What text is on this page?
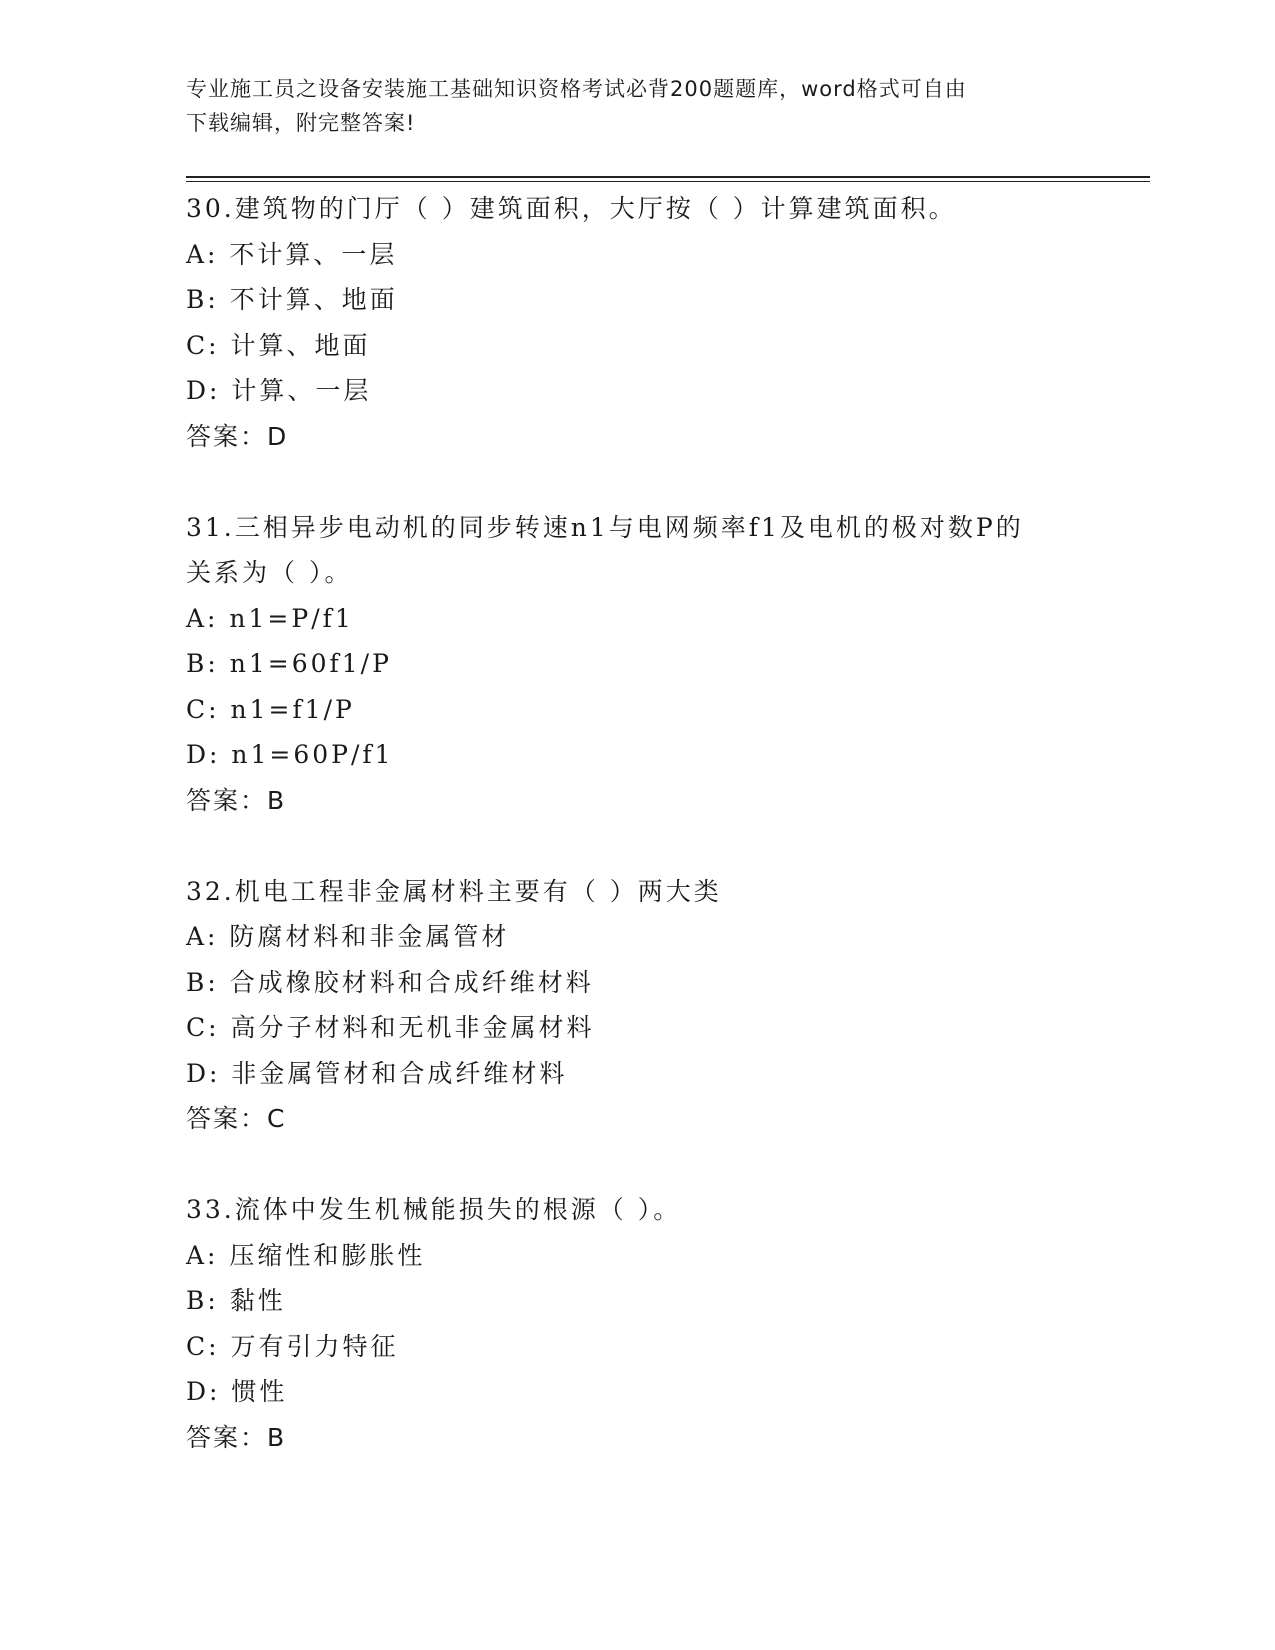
专业施工员之设备安装施工基础知识资格考试必背200题题库，word格式可自由
下载编辑，附完整答案!
30.建筑物的门厅（ ）建筑面积，大厅按（ ）计算建筑面积。
A: 不计算、一层
B: 不计算、地面
C: 计算、地面
D: 计算、一层
答案：D
31.三相异步电动机的同步转速n1与电网频率f1及电机的极对数P的
关系为（ ）。
A: n1=P/f1
B: n1=60f1/P
C: n1=f1/P
D: n1=60P/f1
答案：B
32.机电工程非金属材料主要有（ ）两大类
A: 防腐材料和非金属管材
B: 合成橡胶材料和合成纤维材料
C: 高分子材料和无机非金属材料
D: 非金属管材和合成纤维材料
答案：C
33.流体中发生机械能损失的根源（ ）。
A: 压缩性和膨胀性
B: 黏性
C: 万有引力特征
D: 惯性
答案：B
